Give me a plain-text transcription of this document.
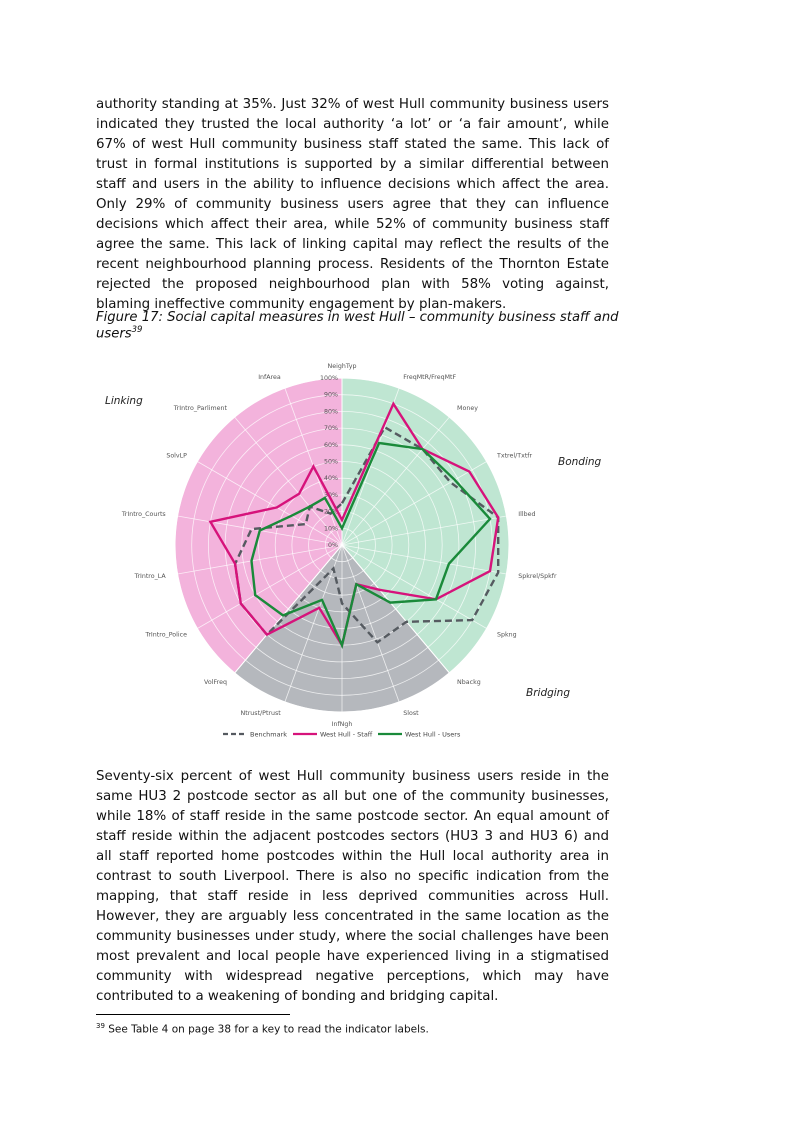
authority standing at 35%. Just 32% of west Hull community business users indicated they trusted the local authority ‘a lot’ or ‘a fair amount’, while 67% of west Hull community business staff stated the same. This lack of trust in formal institutions is supported by a similar differential between staff and users in the ability to influence decisions which affect the area. Only 29% of community business users agree that they can influence decisions which affect their area, while 52% of community business staff agree the same. This lack of linking capital may reflect the results of the recent neighbourhood planning process. Residents of the Thornton Estate rejected the proposed neighbourhood plan with 58% voting against, blaming ineffective community engagement by plan-makers.

Figure 17: Social capital measures in west Hull – community business staff and users$^{39}$

0%
10%
20%
30%
40%
50%
60%
70%
80%
90%
100%
NeighTyp
FreqMtR/FreqMtF
Money
Txtrel/Txtfr
Illbed
Spkrel/Spkfr
Spkng
Nbackg
Slost
InfNgh
Ntrust/Ptrust
VolFreq
TrIntro_Police
TrIntro_LA
TrIntro_Courts
SolvLP
TrIntro_Parliment
InfArea
Linking
Bonding
Bridging
Benchmark	West Hull - Staff	West Hull - Users

$^{39}$ See Table 4 on page 38 for a key to read the indicator labels.

Seventy-six percent of west Hull community business users reside in the same HU3 2 postcode sector as all but one of the community businesses, while 18% of staff reside in the same postcode sector. An equal amount of staff reside within the adjacent postcodes sectors (HU3 3 and HU3 6) and all staff reported home postcodes within the Hull local authority area in contrast to south Liverpool. There is also no specific indication from the mapping, that staff reside in less deprived communities across Hull. However, they are arguably less concentrated in the same location as the community businesses under study, where the social challenges have been most prevalent and local people have experienced living in a stigmatised community with widespread negative perceptions, which may have contributed to a weakening of bonding and bridging capital.
